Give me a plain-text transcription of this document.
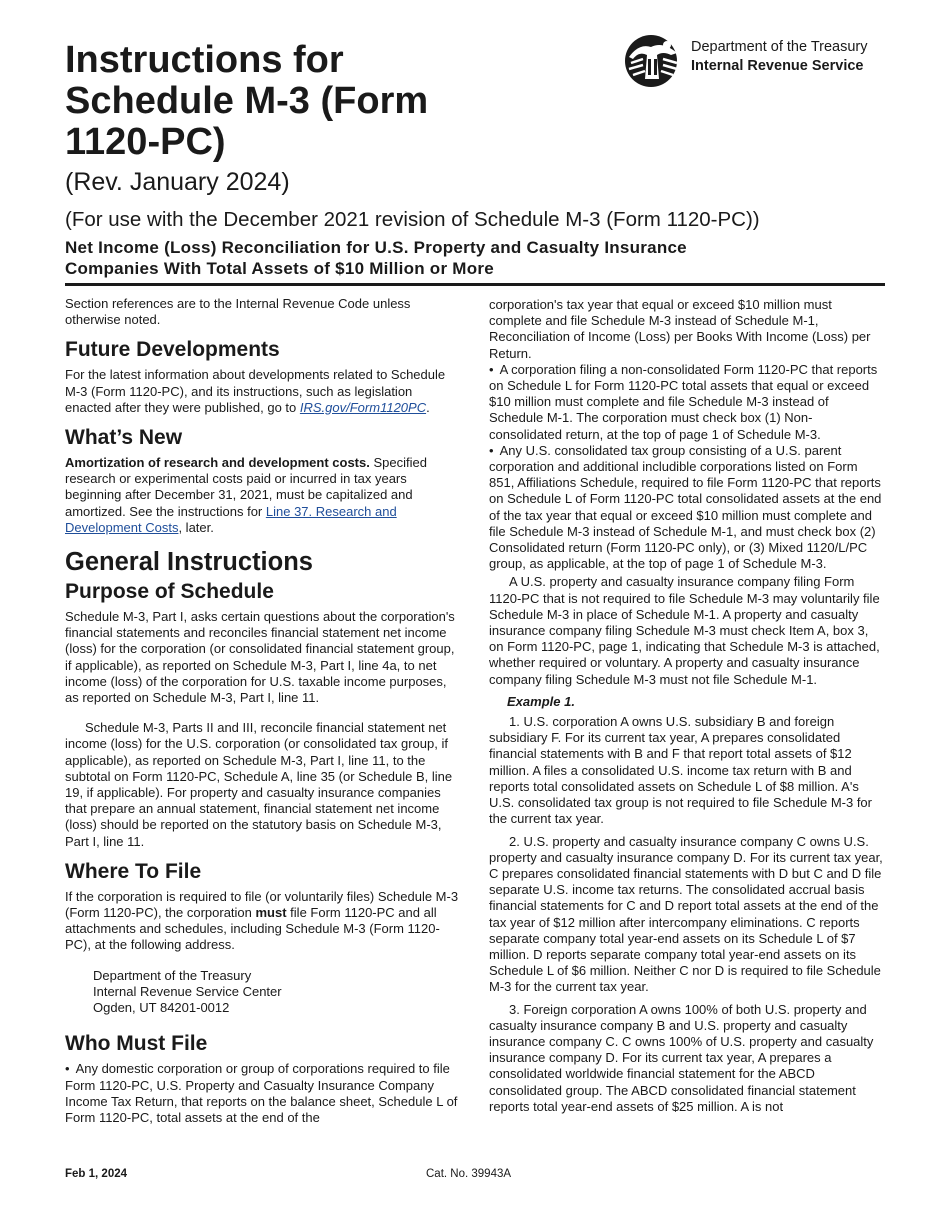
Instructions for Schedule M-3 (Form 1120-PC)
(Rev. January 2024)
(For use with the December 2021 revision of Schedule M-3 (Form 1120-PC))
Net Income (Loss) Reconciliation for U.S. Property and Casualty Insurance
Companies With Total Assets of $10 Million or More
Department of the Treasury
Internal Revenue Service

Section references are to the Internal Revenue Code unless otherwise noted.

Future Developments

For the latest information about developments related to Schedule M-3 (Form 1120-PC), and its instructions, such as legislation enacted after they were published, go to IRS.gov/Form1120PC.

What’s New

Amortization of research and development costs. Specified research or experimental costs paid or incurred in tax years beginning after December 31, 2021, must be capitalized and amortized. See the instructions for Line 37. Research and Development Costs, later.

General Instructions
Purpose of Schedule

Schedule M-3, Part I, asks certain questions about the corporation's financial statements and reconciles financial statement net income (loss) for the corporation (or consolidated financial statement group, if applicable), as reported on Schedule M-3, Part I, line 4a, to net income (loss) of the corporation for U.S. taxable income purposes, as reported on Schedule M-3, Part I, line 11.

Schedule M-3, Parts II and III, reconcile financial statement net income (loss) for the U.S. corporation (or consolidated tax group, if applicable), as reported on Schedule M-3, Part I, line 11, to the subtotal on Form 1120-PC, Schedule A, line 35 (or Schedule B, line 19, if applicable). For property and casualty insurance companies that prepare an annual statement, financial statement net income (loss) should be reported on the statutory basis on Schedule M-3, Part I, line 11.

Where To File

If the corporation is required to file (or voluntarily files) Schedule M-3 (Form 1120-PC), the corporation must file Form 1120-PC and all attachments and schedules, including Schedule M-3 (Form 1120-PC), at the following address.

Department of the Treasury
Internal Revenue Service Center
Ogden, UT 84201-0012
Who Must File

• Any domestic corporation or group of corporations required to file Form 1120-PC, U.S. Property and Casualty Insurance Company Income Tax Return, that reports on the balance sheet, Schedule L of Form 1120-PC, total assets at the end of the

corporation's tax year that equal or exceed $10 million must complete and file Schedule M-3 instead of Schedule M-1, Reconciliation of Income (Loss) per Books With Income (Loss) per Return.

• A corporation filing a non-consolidated Form 1120-PC that reports on Schedule L for Form 1120-PC total assets that equal or exceed $10 million must complete and file Schedule M-3 instead of Schedule M-1. The corporation must check box (1) Non-consolidated return, at the top of page 1 of Schedule M-3.

• Any U.S. consolidated tax group consisting of a U.S. parent corporation and additional includible corporations listed on Form 851, Affiliations Schedule, required to file Form 1120-PC that reports on Schedule L of Form 1120-PC total consolidated assets at the end of the tax year that equal or exceed $10 million must complete and file Schedule M-3 instead of Schedule M-1, and must check box (2) Consolidated return (Form 1120-PC only), or (3) Mixed 1120/L/PC group, as applicable, at the top of page 1 of Schedule M-3.

A U.S. property and casualty insurance company filing Form 1120-PC that is not required to file Schedule M-3 may voluntarily file Schedule M-3 in place of Schedule M-1. A property and casualty insurance company filing Schedule M-3 must check Item A, box 3, on Form 1120-PC, page 1, indicating that Schedule M-3 is attached, whether required or voluntary. A property and casualty insurance company filing Schedule M-3 must not file Schedule M-1.

Example 1.

1. U.S. corporation A owns U.S. subsidiary B and foreign subsidiary F. For its current tax year, A prepares consolidated financial statements with B and F that report total assets of $12 million. A files a consolidated U.S. income tax return with B and reports total consolidated assets on Schedule L of $8 million. A's U.S. consolidated tax group is not required to file Schedule M-3 for the current tax year.

2. U.S. property and casualty insurance company C owns U.S. property and casualty insurance company D. For its current tax year, C prepares consolidated financial statements with D but C and D file separate U.S. income tax returns. The consolidated accrual basis financial statements for C and D report total assets at the end of the tax year of $12 million after intercompany eliminations. C reports separate company total year-end assets on its Schedule L of $7 million. D reports separate company total year-end assets on its Schedule L of $6 million. Neither C nor D is required to file Schedule M-3 for the current tax year.

3. Foreign corporation A owns 100% of both U.S. property and casualty insurance company B and U.S. property and casualty insurance company C. C owns 100% of U.S. property and casualty insurance company D. For its current tax year, A prepares a consolidated worldwide financial statement for the ABCD consolidated group. The ABCD consolidated financial statement reports total year-end assets of $25 million. A is not

Feb 1, 2024	Cat. No. 39943A
